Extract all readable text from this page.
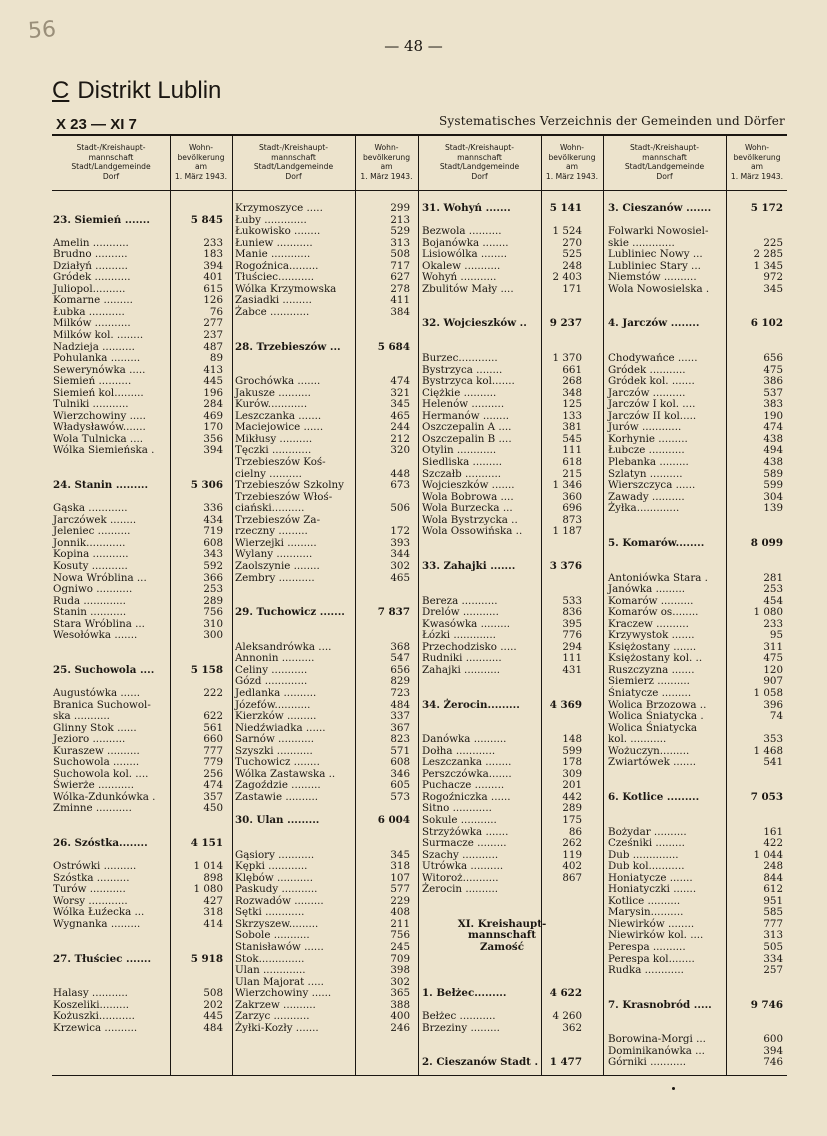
56
— 48 —
C Distrikt Lublin
X 23 — XI 7	Systematisches Verzeichnis der Gemeinden und Dörfer
Stadt-/Kreishaupt-
mannschaft
Stadt/Landgemeinde
Dorf
Wohn-
bevölkerung
am
1. März 1943.
Stadt-/Kreishaupt-
mannschaft
Stadt/Landgemeinde
Dorf
Wohn-
bevölkerung
am
1. März 1943.
Stadt-/Kreishaupt-
mannschaft
Stadt/Landgemeinde
Dorf
Wohn-
bevölkerung
am
1. März 1943.
Stadt-/Kreishaupt-
mannschaft
Stadt/Landgemeinde
Dorf
Wohn-
bevölkerung
am
1. März 1943.
23. Siemień .......	5 845
Amelin ...........	233
Brudno ..........	183
Działyń ..........	394
Gródek ...........	401
Juliopol..........	615
Komarne .........	126
Łubka ...........	76
Milków ...........	277
Milków kol. ........	237
Nadzieja ..........	487
Pohulanka .........	89
Sewerynówka .....	413
Siemień ..........	445
Siemień kol.........	196
Tulniki ...........	284
Wierzchowiny .....	469
Władysławów.......	170
Wola Tulnicka ....	356
Wólka Siemieńska .	394
24. Stanin .........	5 306
Gąska ............	336
Jarczówek ........	434
Jeleniec ..........	719
Jonnik............	608
Kopina ...........	343
Kosuty ...........	592
Nowa Wróblina ...	366
Ogniwo ...........	253
Ruda .............	289
Stanin ...........	756
Stara Wróblina ...	310
Wesołówka .......	300
25. Suchowola ....	5 158
Augustówka ......	222
Branica Suchowol-
ska ...........	622
Glinny Stok ......	561
Jezioro ..........	660
Kuraszew ..........	777
Suchowola ........	779
Suchowola kol. ....	256
Świerże ...........	474
Wólka-Zdunkówka .	357
Zminne ...........	450
26. Szóstka........	4 151
Ostrówki ..........	1 014
Szóstka ..........	898
Turów ...........	1 080
Worsy ............	427
Wólka Łuźecka ...	318
Wygnanka .........	414
27. Tłuściec .......	5 918
Halasy ...........	508
Koszeliki.........	202
Kożuszki...........	445
Krzewica ..........	484
Krzymoszyce .....	299
Łuby .............	213
Łukowisko ........	529
Łuniew ...........	313
Manie ............	508
Rogoźnica.........	717
Tłuściec...........	627
Wólka Krzymowska	278
Zasiadki .........	411
Żabce ............	384
28. Trzebieszów ...	5 684
Grochówka .......	474
Jakusze ..........	321
Kurów............	345
Leszczanka .......	465
Maciejowice ......	244
Mikłusy ..........	212
Tęczki ............	320
Trzebieszów Koś-
cielny ..........	448
Trzebieszów Szkolny	673
Trzebieszów Włoś-
ciański..........	506
Trzebieszów Za-
rzeczny .........	172
Wierzejki .........	393
Wylany ...........	344
Zaolszynie ........	302
Zembry ...........	465
29. Tuchowicz .......	7 837
Aleksandrówka ....	368
Annonin ..........	547
Celiny ...........	656
Gózd .............	829
Jedlanka ..........	723
Józefów...........	484
Kierzków .........	337
Niedźwiadka ......	367
Sarnów ...........	823
Szyszki ...........	571
Tuchowicz ........	608
Wólka Zastawska ..	346
Zagoździe .........	605
Zastawie ..........	573
30. Ulan .........	6 004
Gąsiory ...........	345
Kępki ............	318
Klębów ...........	107
Paskudy ...........	577
Rozwadów .........	229
Sętki ............	408
Skrzyszew.........	211
Sobole ...........	756
Stanisławów ......	245
Stok..............	709
Ulan .............	398
Ulan Majorat .....	302
Wierzchowiny ......	365
Zakrzew ..........	388
Zarzyc ...........	400
Żyłki-Kozły .......	246
31. Wohyń .......	5 141
Bezwola ..........	1 524
Bojanówka ........	270
Lisiowólka ........	525
Okalew ...........	248
Wohyń ...........	2 403
Zbulitów Mały ....	171
32. Wojcieszków .. 9 237
Burzec............	1 370
Bystrzyca ........	661
Bystrzyca kol.......	268
Ciężkie ..........	348
Helenów ..........	125
Hermanów ........	133
Oszczepalin A ....	381
Oszczepalin B ....	545
Otylin ............	111
Siedliska .........	618
Szczałb ...........	215
Wojcieszków .......	1 346
Wola Bobrowa ....	360
Wola Burzecka ...	696
Wola Bystrzycka ..	873
Wola Ossowińska ..	1 187
33. Zahajki .......	3 376
Bereza ...........	533
Drelów ...........	836
Kwasówka .........	395
Łózki .............	776
Przechodzisko .....	294
Rudniki ...........	111
Zahajki ...........	431
34. Żerocin.........	4 369
Danówka ..........	148
Dołha ............	599
Leszczanka ........	178
Perszczówka.......	309
Puchacze .........	201
Rogoźniczka ......	442
Sitno ............	289
Sokule ...........	175
Strzyżówka .......	86
Surmacze .........	262
Szachy ...........	119
Utrówka ..........	402
Witoroż...........	867
Żerocin ..........
XI. Kreishaupt-
mannschaft
Zamość
1. Bełżec.........	4 622
Bełżec ...........	4 260
Brzeziny .........	362
2. Cieszanów Stadt . 1 477
3. Cieszanów .......	5 172
Folwarki Nowosiel-
skie .............	225
Lubliniec Nowy ...	2 285
Lubliniec Stary ...	1 345
Niemstów ..........	972
Wola Nowosielska .	345
4. Jarczów ........	6 102
Chodywańce ......	656
Gródek ...........	475
Gródek kol. .......	386
Jarczów ..........	537
Jarczów I kol. ....	383
Jarczów II kol.....	190
Jurów ............	474
Korhynie .........	438
Łubcze ...........	494
Plebanka .........	438
Szlatyn ..........	589
Wierszczyca ......	599
Zawady ..........	304
Żyłka.............	139
5. Komarów........	8 099
Antoniówka Stara .	281
Janówka .........	253
Komarów ..........	454
Komarów os........	1 080
Kraczew ..........	233
Krzywystok .......	95
Księżostany .......	311
Księżostany kol. ..	475
Ruszczyzna .......	120
Siemierz ..........	907
Śniatycze .........	1 058
Wolica Brzozowa ..	396
Wolica Śniatycka .	74
Wolica Śniatycka
kol. ...........	353
Wożuczyn.........	1 468
Zwiartówek .......	541
6. Kotlice .........	7 053
Bożydar ..........	161
Cześniki .........	422
Dub ..............	1 044
Dub kol...........	248
Honiatycze .......	844
Honiatyczki .......	612
Kotlice ..........	951
Marysin..........	585
Niewirków ........	777
Niewirków kol. ....	313
Perespa ..........	505
Perespa kol........	334
Rudka ............	257
7. Krasnobród .....	9 746
Borowina-Morgi ...	600
Dominikanówka ...	394
Górniki ...........	746
